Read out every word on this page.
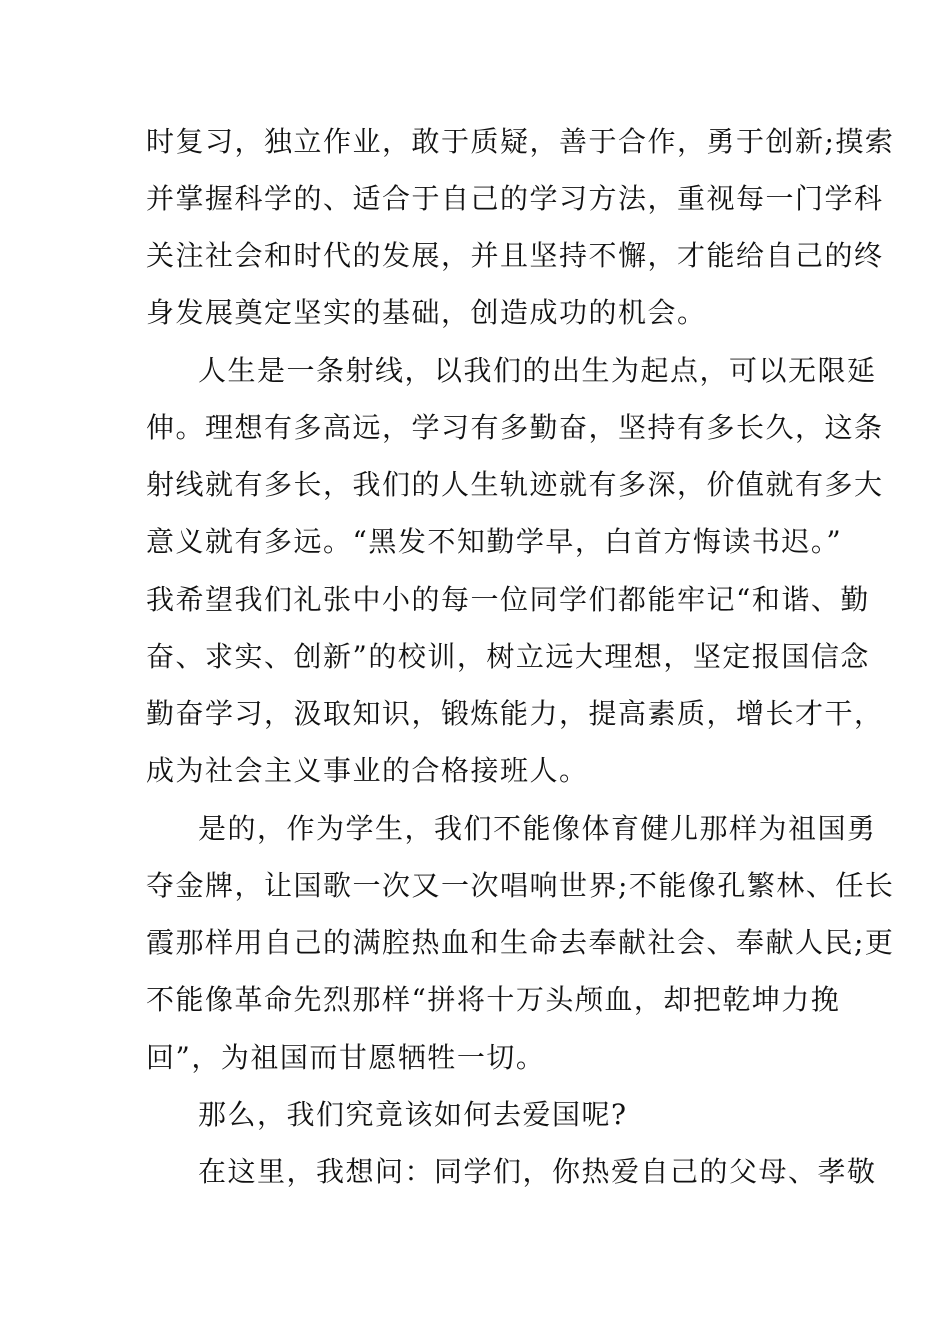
时复习，独立作业，敢于质疑，善于合作，勇于创新;摸索
并掌握科学的、适合于自己的学习方法，重视每一门学科
关注社会和时代的发展，并且坚持不懈，才能给自己的终
身发展奠定坚实的基础，创造成功的机会。
人生是一条射线，以我们的出生为起点，可以无限延
伸。理想有多高远，学习有多勤奋，坚持有多长久，这条
射线就有多长，我们的人生轨迹就有多深，价值就有多大
意义就有多远。“黑发不知勤学早，白首方悔读书迟。”
我希望我们礼张中小的每一位同学们都能牢记“和谐、勤
奋、求实、创新”的校训，树立远大理想，坚定报国信念
勤奋学习，汲取知识，锻炼能力，提高素质，增长才干，
成为社会主义事业的合格接班人。
是的，作为学生，我们不能像体育健儿那样为祖国勇
夺金牌，让国歌一次又一次唱响世界;不能像孔繁林、任长
霞那样用自己的满腔热血和生命去奉献社会、奉献人民;更
不能像革命先烈那样“拼将十万头颅血，却把乾坤力挽
回”，为祖国而甘愿牺牲一切。
那么，我们究竟该如何去爱国呢?
在这里，我想问：同学们，你热爱自己的父母、孝敬
